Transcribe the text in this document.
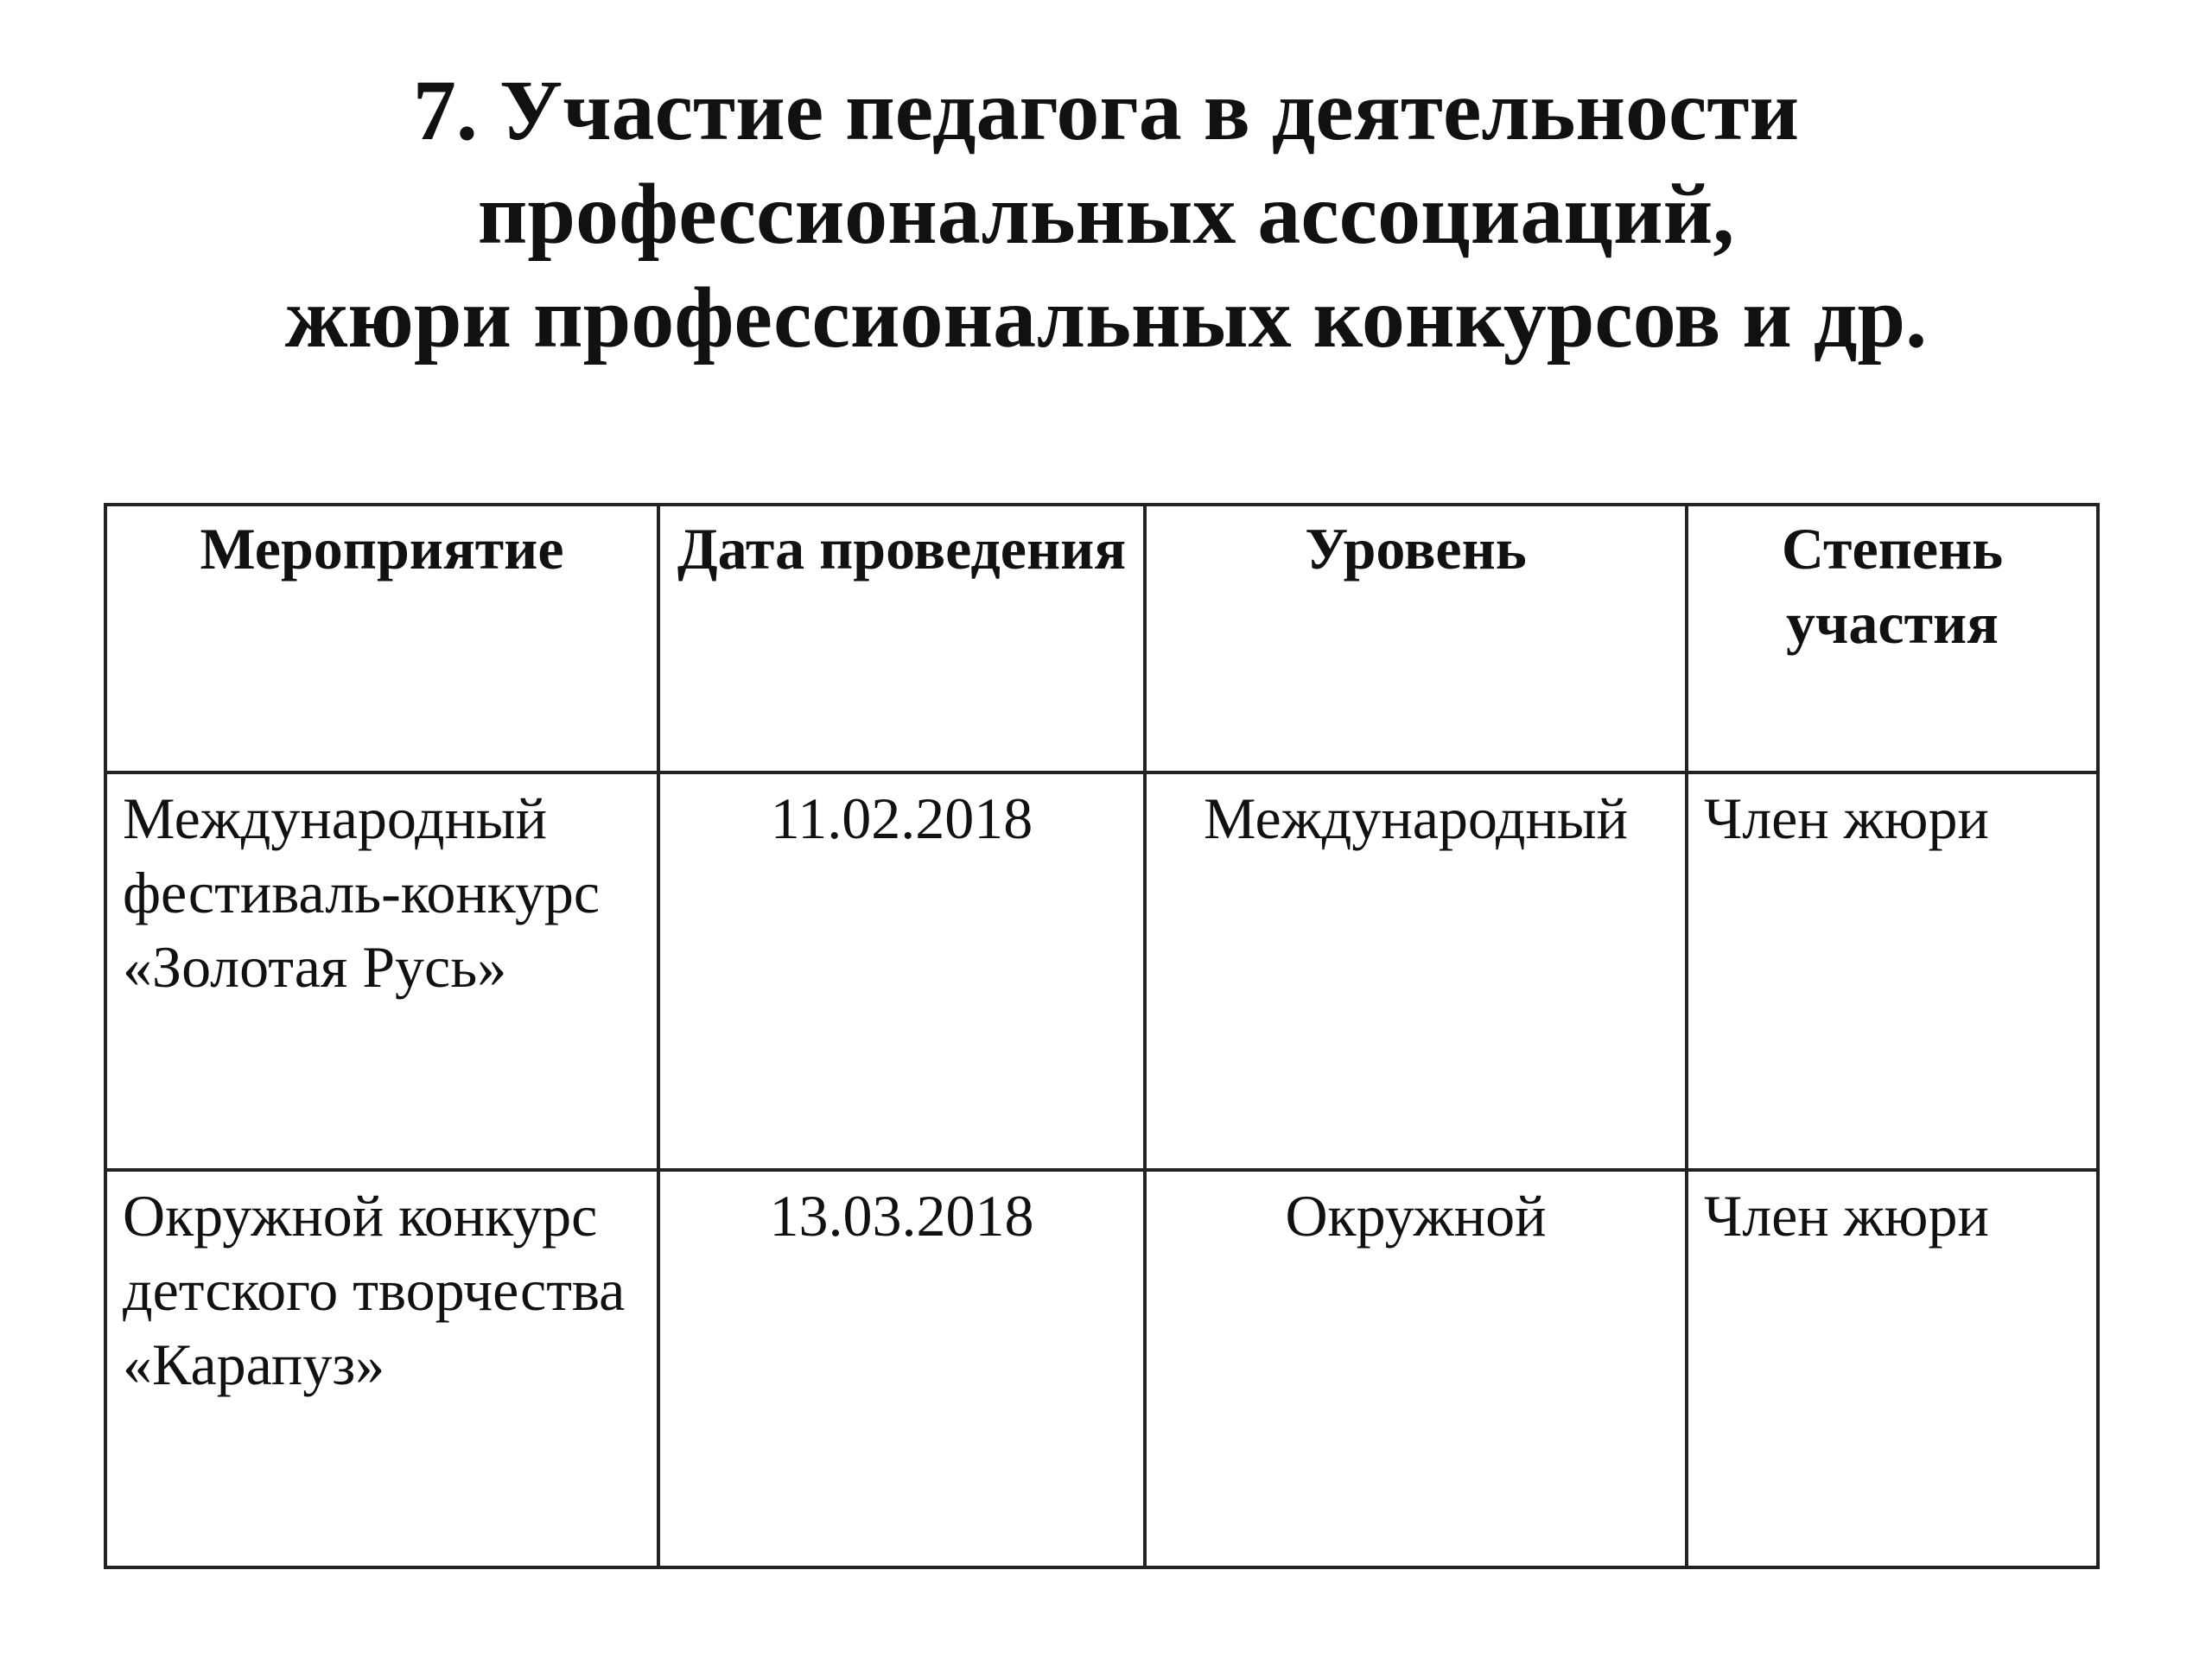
7. Участие педагога в деятельности
профессиональных ассоциаций,
жюри профессиональных конкурсов и др.
Мероприятие	Дата проведения	Уровень	Степень участия
Международный фестиваль-конкурс «Золотая Русь»	11.02.2018	Международный	Член жюри
Окружной конкурс детского творчества «Карапуз»	13.03.2018	Окружной	Член жюри
